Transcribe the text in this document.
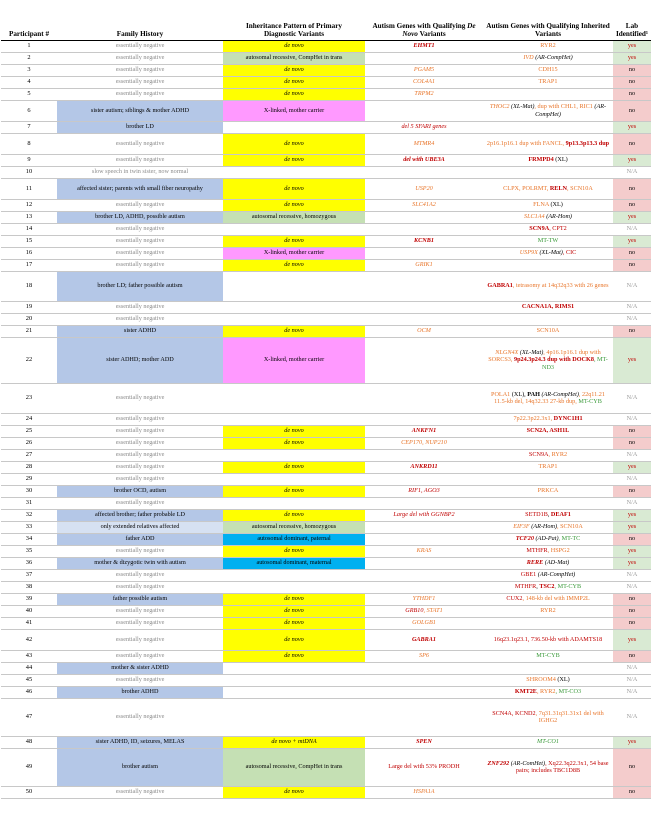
Participant #	Family History	Inheritance Pattern of Primary
Diagnostic Variants	Autism Genes with Qualifying De
Novo Variants	Autism Genes with Qualifying Inherited Variants	Lab Identified¹
1	essentially negative	de novo	EHMT1	RYR2	yes
2	essentially negative	autosomal recessive, CompHet in trans		IVD (AR-CompHet)	yes
3	essentially negative	de novo	PGAM5	CDH15	no
4	essentially negative	de novo	COL4A1	TRAP1	no
5	essentially negative	de novo	TRPM2		no
6	sister autism; siblings & mother ADHD	X-linked, mother carrier		THOC2 (XL-Mat), dup with CHL1, RIC1 (AR-CompHet)	no
7	brother LD		del 5 SFARI genes		yes
8	essentially negative	de novo	MTMR4	2p16.1p16.1 dup with FANCL, 9p13.3p13.3 dup	no
9	essentially negative	de novo	del with UBE3A	FRMPD4 (XL)	yes
10	slow speech in twin sister, now normal				N/A
11	affected sister; parents with small fiber neuropathy	de novo	USP20	CLPX, POLRMT, RELN, SCN10A	no
12	essentially negative	de novo	SLC41A2	FLNA (XL)	no
13	brother LD, ADHD, possible autism	autosomal recessive, homozygous		SLC1A4 (AR-Hom)	yes
14	essentially negative			SCN9A, CPT2	N/A
15	essentially negative	de novo	KCNB1	MT-TW	yes
16	essentially negative	X-linked, mother carrier		USP9X (XL-Mat), CIC	no
17	essentially negative	de novo	GRIK1		no
18	brother LD; father possible autism			GABRA1, tetrasomy at 14q32q33 with 26 genes	N/A
19	essentially negative			CACNA1A, RIMS1	N/A
20	essentially negative				N/A
21	sister ADHD	de novo	OCM	SCN10A	no
22	sister ADHD; mother ADD	X-linked, mother carrier		NLGN4X (XL-Mat), 4p16.1p16.1 dup with SORCS3, 9p24.3p24.3 dup with DOCK8, MT-ND3	yes
23	essentially negative			POLA1 (XL), PAH (AR-CompHet), 22q11.21 11.5-kb del, 14q32.33 27-kb dup, MT-CYB	N/A
24	essentially negative			7p22.3p22.3x1, DYNC1H1	N/A
25	essentially negative	de novo	ANKFN1	SCN2A, ASH1L	no
26	essentially negative	de novo	CEP170, NUP210		no
27	essentially negative			SCN9A, RYR2	N/A
28	essentially negative	de novo	ANKRD11	TRAP1	yes
29	essentially negative				N/A
30	brother OCD, autism	de novo	RIF1, AGO3	PRKCA	no
31	essentially negative				N/A
32	affected brother; father probable LD	de novo	Large del with GGNBP2	SETD1B, DEAF1	yes
33	only extended relatives affected	autosomal recessive, homozygous		EIF3F (AR-Hom), SCN10A	yes
34	father ADD	autosomal dominant, paternal		TCF20 (AD-Pat), MT-TC	no
35	essentially negative	de novo	KRAS	MTHFR, HSPG2	yes
36	mother & dizygotic twin with autism	autosomal dominant, maternal		RERE (AD-Mat)	yes
37	essentially negative			GBE1 (AR-CompHet)	N/A
38	essentially negative			MTHFR, TSC2, MT-CYB	N/A
39	father possible autism	de novo	YTHDF1	CUX2, 148-kb del with IMMP2L	no
40	essentially negative	de novo	GRB10, STAT1	RYR2	no
41	essentially negative	de novo	GOLGB1		no
42	essentially negative	de novo	GABRA1	16q23.1q23.1, 736.50-kb with ADAMTS18	yes
43	essentially negative	de novo	SP6	MT-CYB	no
44	mother & sister ADHD				N/A
45	essentially negative			SHROOM4 (XL)	N/A
46	brother ADHD			KMT2E, RYR2, MT-CO3	N/A
47	essentially negative			SCN4A, KCND2, 7q31.31q31.31x1 del with IGHG2	N/A
48	sister ADHD, ID, seizures, MELAS	de novo + mtDNA	SPEN	MT-CO1	yes
49	brother autism	autosomal recessive, CompHet in trans	Large del with 53% PRODH	ZNF292 (AR-ComHet), Xq22.3q22.3x1, 54 base pairs; includes TBC1D8B	no
50	essentially negative	de novo	HSPA1A		no
